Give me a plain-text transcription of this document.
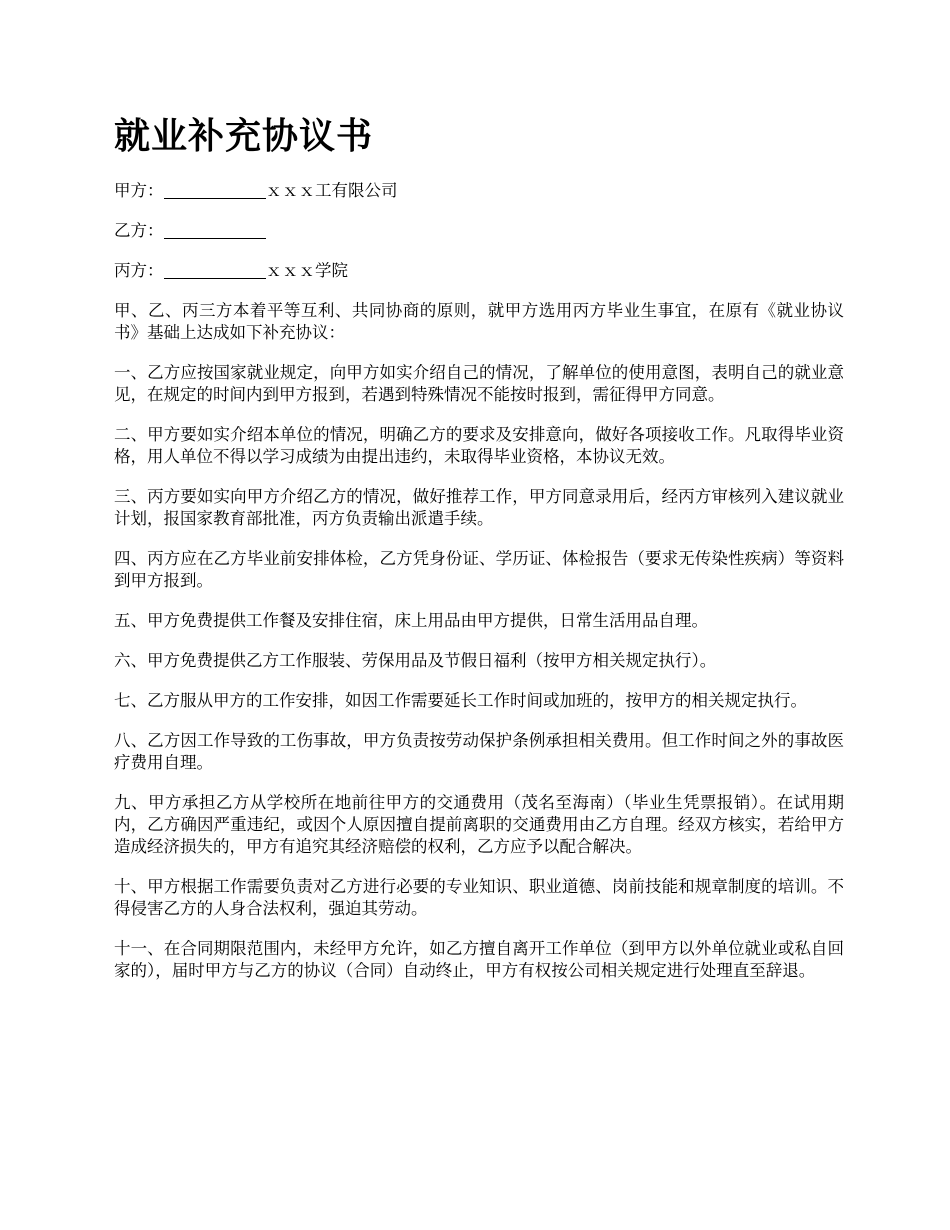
就业补充协议书

甲方：	ｘｘｘ工有限公司

乙方：

丙方：	ｘｘｘ学院

甲、乙、丙三方本着平等互利、共同协商的原则，就甲方选用丙方毕业生事宜，在原有《就业协议书》基础上达成如下补充协议：

一、乙方应按国家就业规定，向甲方如实介绍自己的情况，了解单位的使用意图，表明自己的就业意见，在规定的时间内到甲方报到，若遇到特殊情况不能按时报到，需征得甲方同意。

二、甲方要如实介绍本单位的情况，明确乙方的要求及安排意向，做好各项接收工作。凡取得毕业资格，用人单位不得以学习成绩为由提出违约，未取得毕业资格，本协议无效。

三、丙方要如实向甲方介绍乙方的情况，做好推荐工作，甲方同意录用后，经丙方审核列入建议就业计划，报国家教育部批准，丙方负责输出派遣手续。

四、丙方应在乙方毕业前安排体检，乙方凭身份证、学历证、体检报告（要求无传染性疾病）等资料到甲方报到。

五、甲方免费提供工作餐及安排住宿，床上用品由甲方提供，日常生活用品自理。

六、甲方免费提供乙方工作服装、劳保用品及节假日福利（按甲方相关规定执行）。

七、乙方服从甲方的工作安排，如因工作需要延长工作时间或加班的，按甲方的相关规定执行。

八、乙方因工作导致的工伤事故，甲方负责按劳动保护条例承担相关费用。但工作时间之外的事故医疗费用自理。

九、甲方承担乙方从学校所在地前往甲方的交通费用（茂名至海南）（毕业生凭票报销）。在试用期内，乙方确因严重违纪，或因个人原因擅自提前离职的交通费用由乙方自理。经双方核实，若给甲方造成经济损失的，甲方有追究其经济赔偿的权利，乙方应予以配合解决。

十、甲方根据工作需要负责对乙方进行必要的专业知识、职业道德、岗前技能和规章制度的培训。不得侵害乙方的人身合法权利，强迫其劳动。

十一、在合同期限范围内，未经甲方允许，如乙方擅自离开工作单位（到甲方以外单位就业或私自回家的），届时甲方与乙方的协议（合同）自动终止，甲方有权按公司相关规定进行处理直至辞退。
